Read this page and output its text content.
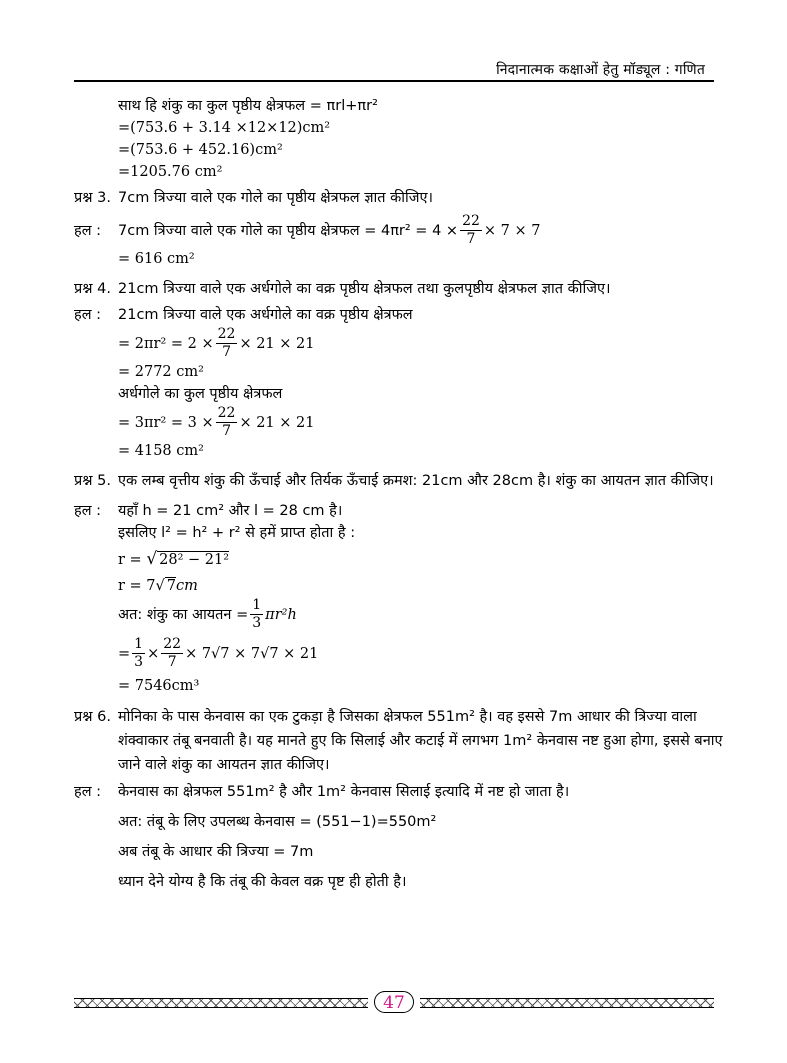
निदानात्मक कक्षाओं हेतु मॉड्यूल : गणित
साथ हि शंकु का कुल पृष्ठीय क्षेत्रफल = πrl+πr²
=(753.6 + 3.14 ×12×12)cm²
=(753.6 + 452.16)cm²
=1205.76 cm²
प्रश्न 3. 7cm त्रिज्या वाले एक गोले का पृष्ठीय क्षेत्रफल ज्ञात कीजिए।
हल :	7cm त्रिज्या वाले एक गोले का पृष्ठीय क्षेत्रफल = $4\pi r^2 = 4 \times \frac{22}{7} \times 7 \times 7$
= 616 cm²
प्रश्न 4. 21cm त्रिज्या वाले एक अर्धगोले का वक्र पृष्ठीय क्षेत्रफल तथा कुलपृष्ठीय क्षेत्रफल ज्ञात कीजिए।
हल :	21cm त्रिज्या वाले एक अर्धगोले का वक्र पृष्ठीय क्षेत्रफल
= $2\pi r^2 = 2 \times \frac{22}{7} \times 21 \times 21$
= 2772 cm²
अर्धगोले का कुल पृष्ठीय क्षेत्रफल
= $3\pi r^2 = 3 \times \frac{22}{7} \times 21 \times 21$
= 4158 cm²
प्रश्न 5. एक लम्ब वृत्तीय शंकु की ऊँचाई और तिर्यक ऊँचाई क्रमश: 21cm और 28cm है। शंकु का आयतन ज्ञात कीजिए।
हल :	यहाँ h = 21 cm² और l = 28 cm है।
इसलिए l² = h² + r² से हमें प्राप्त होता है :
r = √ 28² − 21²
r = 7√ 7cm
अत: शंकु का आयतन = $\frac{1}{3} \pi r^2h$
= $\frac{1}{3} \times \frac{22}{7} \times 7√7 \times 7√7 \times 21$
= 7546cm³
प्रश्न 6. मोनिका के पास केनवास का एक टुकड़ा है जिसका क्षेत्रफल 551m² है। वह इससे 7m आधार की त्रिज्या वाला शंक्वाकार तंबू बनवाती है। यह मानते हुए कि सिलाई और कटाई में लगभग 1m² केनवास नष्ट हुआ होगा, इससे बनाए जाने वाले शंकु का आयतन ज्ञात कीजिए।
हल :	केनवास का क्षेत्रफल 551m² है और 1m² केनवास सिलाई इत्यादि में नष्ट हो जाता है।
अत: तंबू के लिए उपलब्ध केनवास = (551−1)=550m²
अब तंबू के आधार की त्रिज्या = 7m
ध्यान देने योग्य है कि तंबू की केवल वक्र पृष्ट ही होती है।
47
